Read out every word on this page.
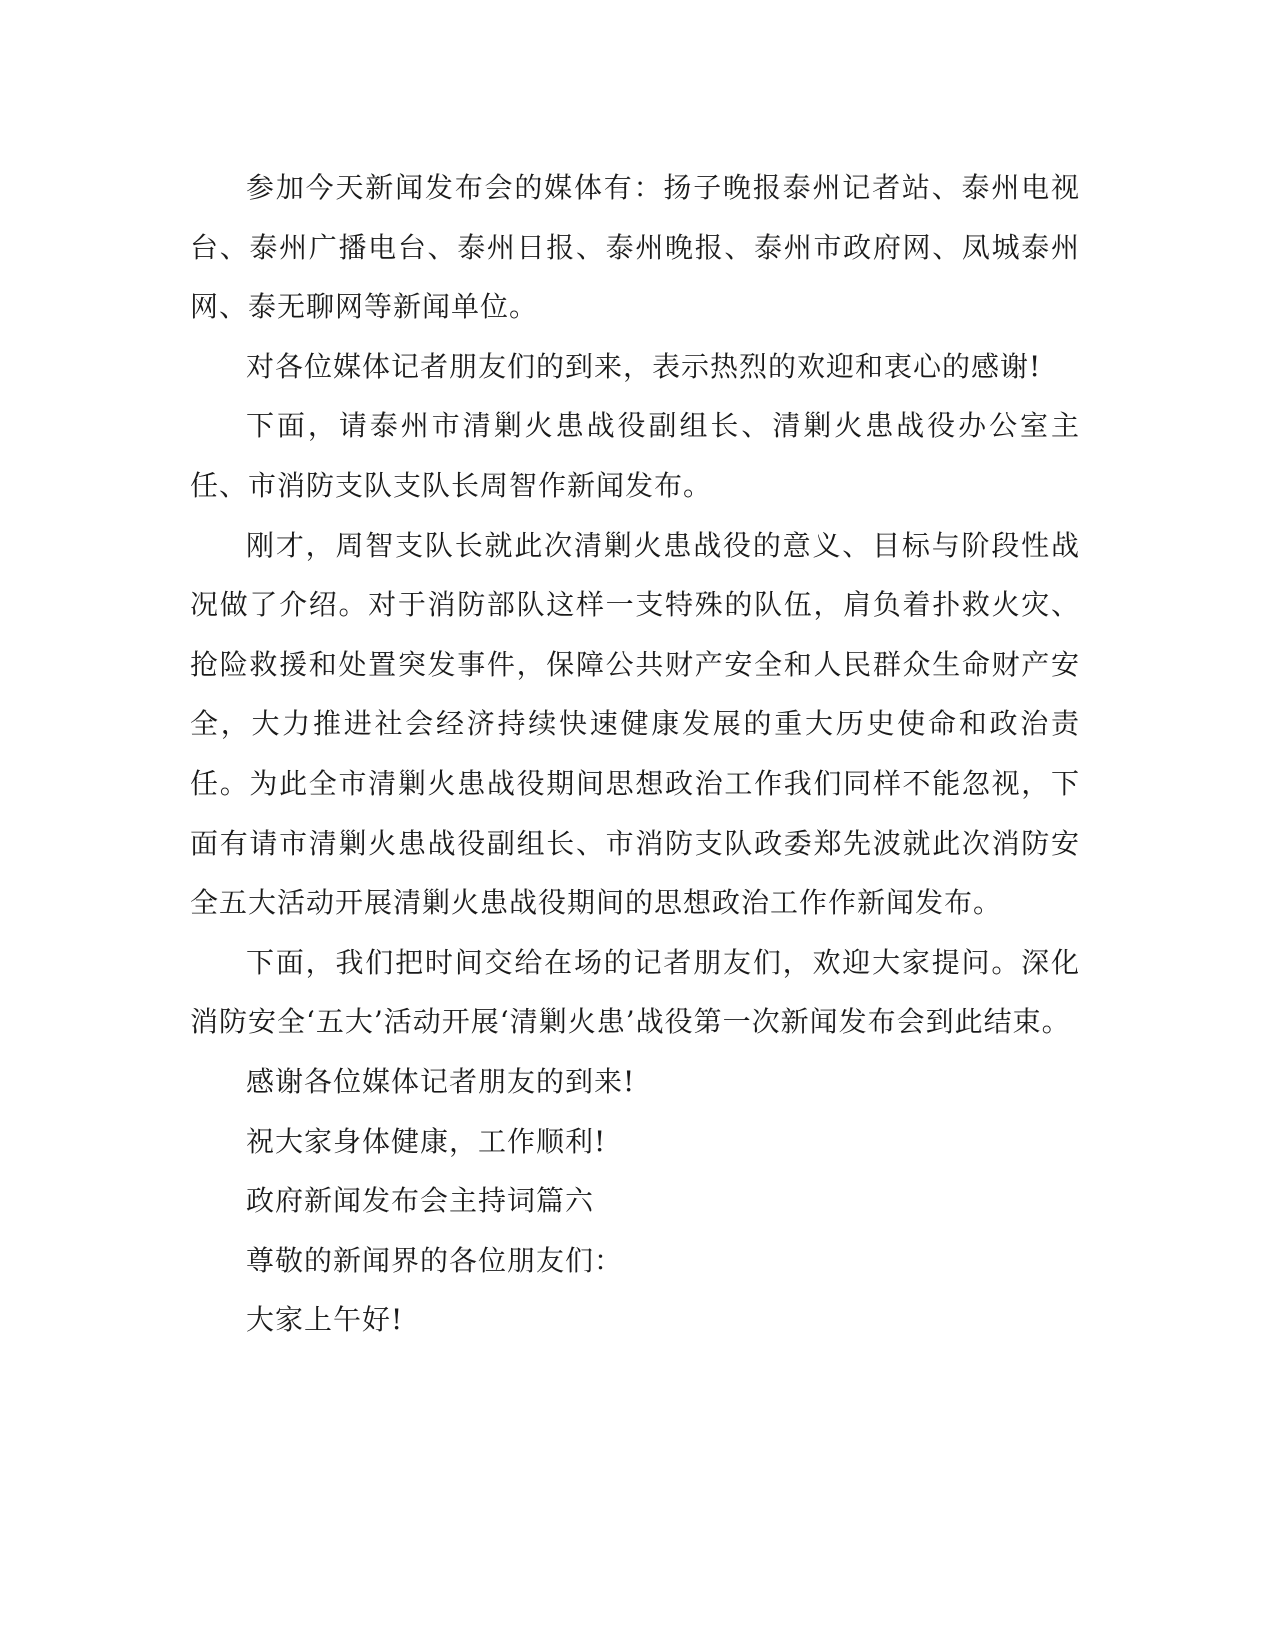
参加今天新闻发布会的媒体有：扬子晚报泰州记者站、泰州电视台、泰州广播电台、泰州日报、泰州晚报、泰州市政府网、凤城泰州网、泰无聊网等新闻单位。

对各位媒体记者朋友们的到来，表示热烈的欢迎和衷心的感谢!

下面，请泰州市清剿火患战役副组长、清剿火患战役办公室主任、市消防支队支队长周智作新闻发布。

刚才，周智支队长就此次清剿火患战役的意义、目标与阶段性战况做了介绍。对于消防部队这样一支特殊的队伍，肩负着扑救火灾、抢险救援和处置突发事件，保障公共财产安全和人民群众生命财产安全，大力推进社会经济持续快速健康发展的重大历史使命和政治责任。为此全市清剿火患战役期间思想政治工作我们同样不能忽视，下面有请市清剿火患战役副组长、市消防支队政委郑先波就此次消防安全五大活动开展清剿火患战役期间的思想政治工作作新闻发布。

下面，我们把时间交给在场的记者朋友们，欢迎大家提问。深化消防安全‘五大’活动开展‘清剿火患’战役第一次新闻发布会到此结束。

感谢各位媒体记者朋友的到来!

祝大家身体健康，工作顺利!

政府新闻发布会主持词篇六

尊敬的新闻界的各位朋友们：

大家上午好!
